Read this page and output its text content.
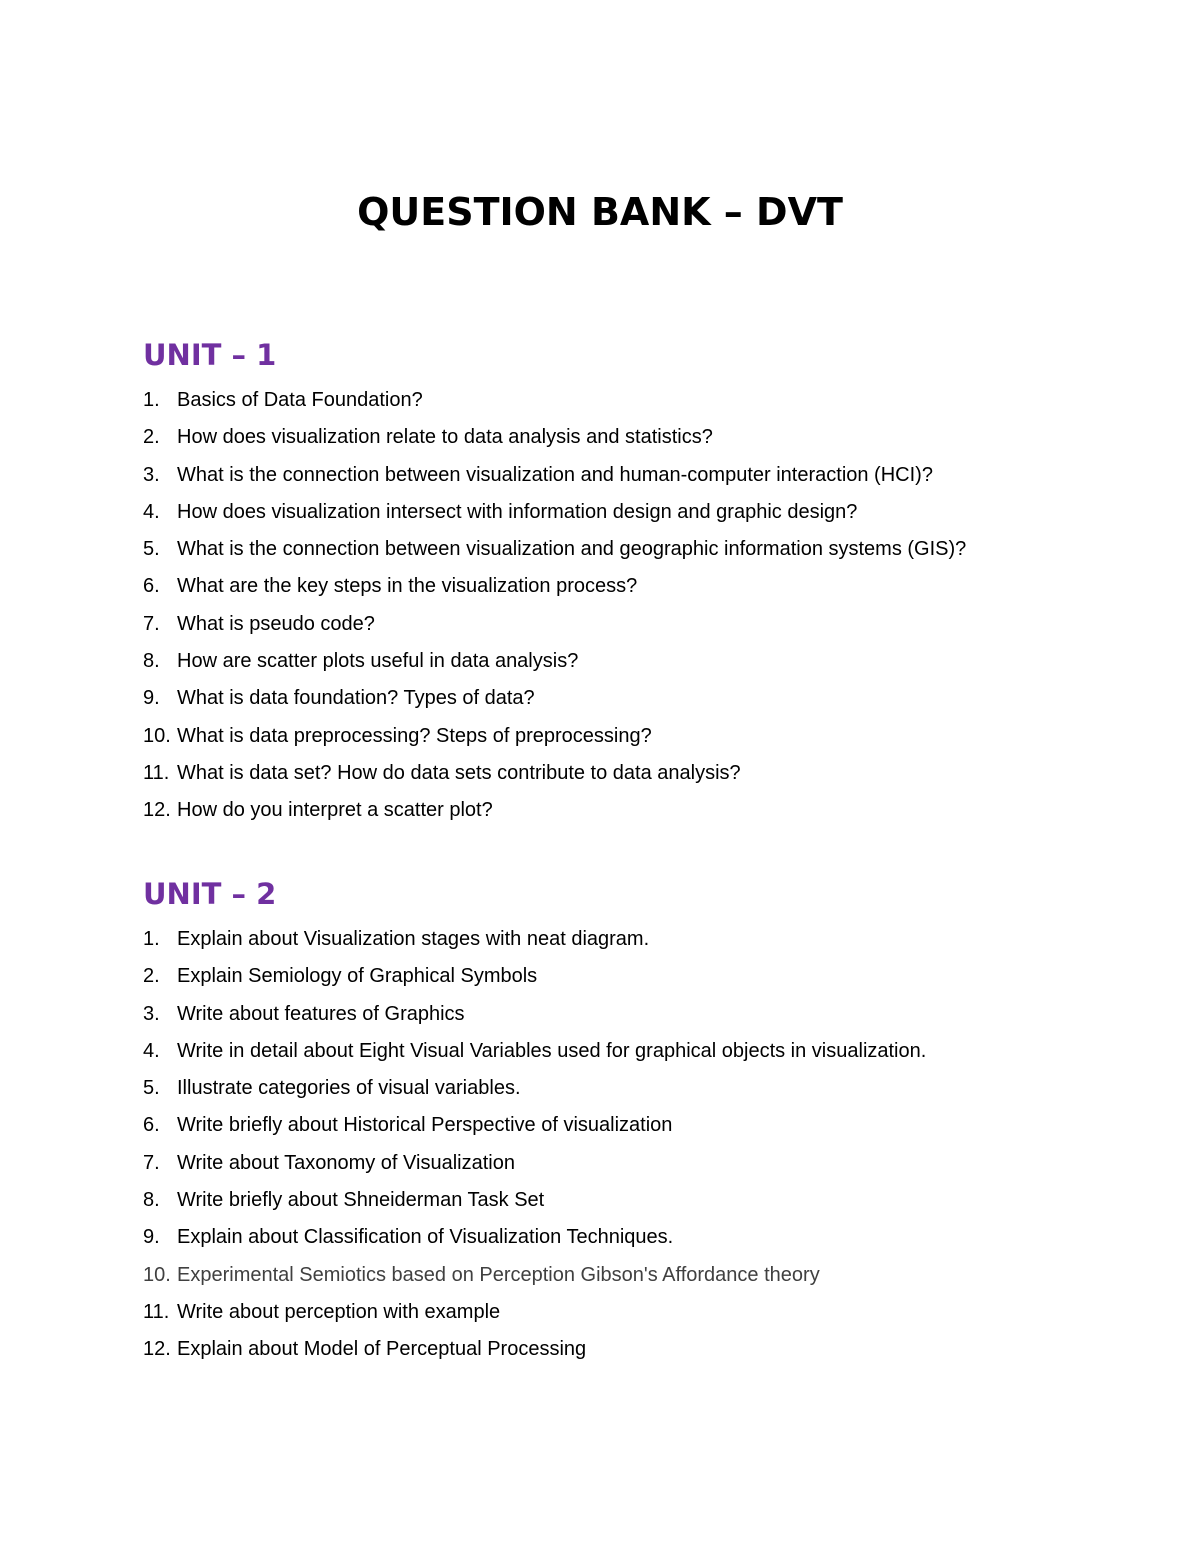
QUESTION BANK – DVT
UNIT – 1
1. Basics of Data Foundation?
2. How does visualization relate to data analysis and statistics?
3. What is the connection between visualization and human-computer interaction (HCI)?
4. How does visualization intersect with information design and graphic design?
5. What is the connection between visualization and geographic information systems (GIS)?
6. What are the key steps in the visualization process?
7. What is pseudo code?
8. How are scatter plots useful in data analysis?
9. What is data foundation? Types of data?
10. What is data preprocessing? Steps of preprocessing?
11. What is data set? How do data sets contribute to data analysis?
12. How do you interpret a scatter plot?
UNIT – 2
1. Explain about Visualization stages with neat diagram.
2. Explain Semiology of Graphical Symbols
3. Write about features of Graphics
4. Write in detail about Eight Visual Variables used for graphical objects in visualization.
5. Illustrate categories of visual variables.
6. Write briefly about Historical Perspective of visualization
7. Write about Taxonomy of Visualization
8. Write briefly about Shneiderman Task Set
9. Explain about Classification of Visualization Techniques.
10. Experimental Semiotics based on Perception Gibson's Affordance theory
11. Write about perception with example
12. Explain about Model of Perceptual Processing
